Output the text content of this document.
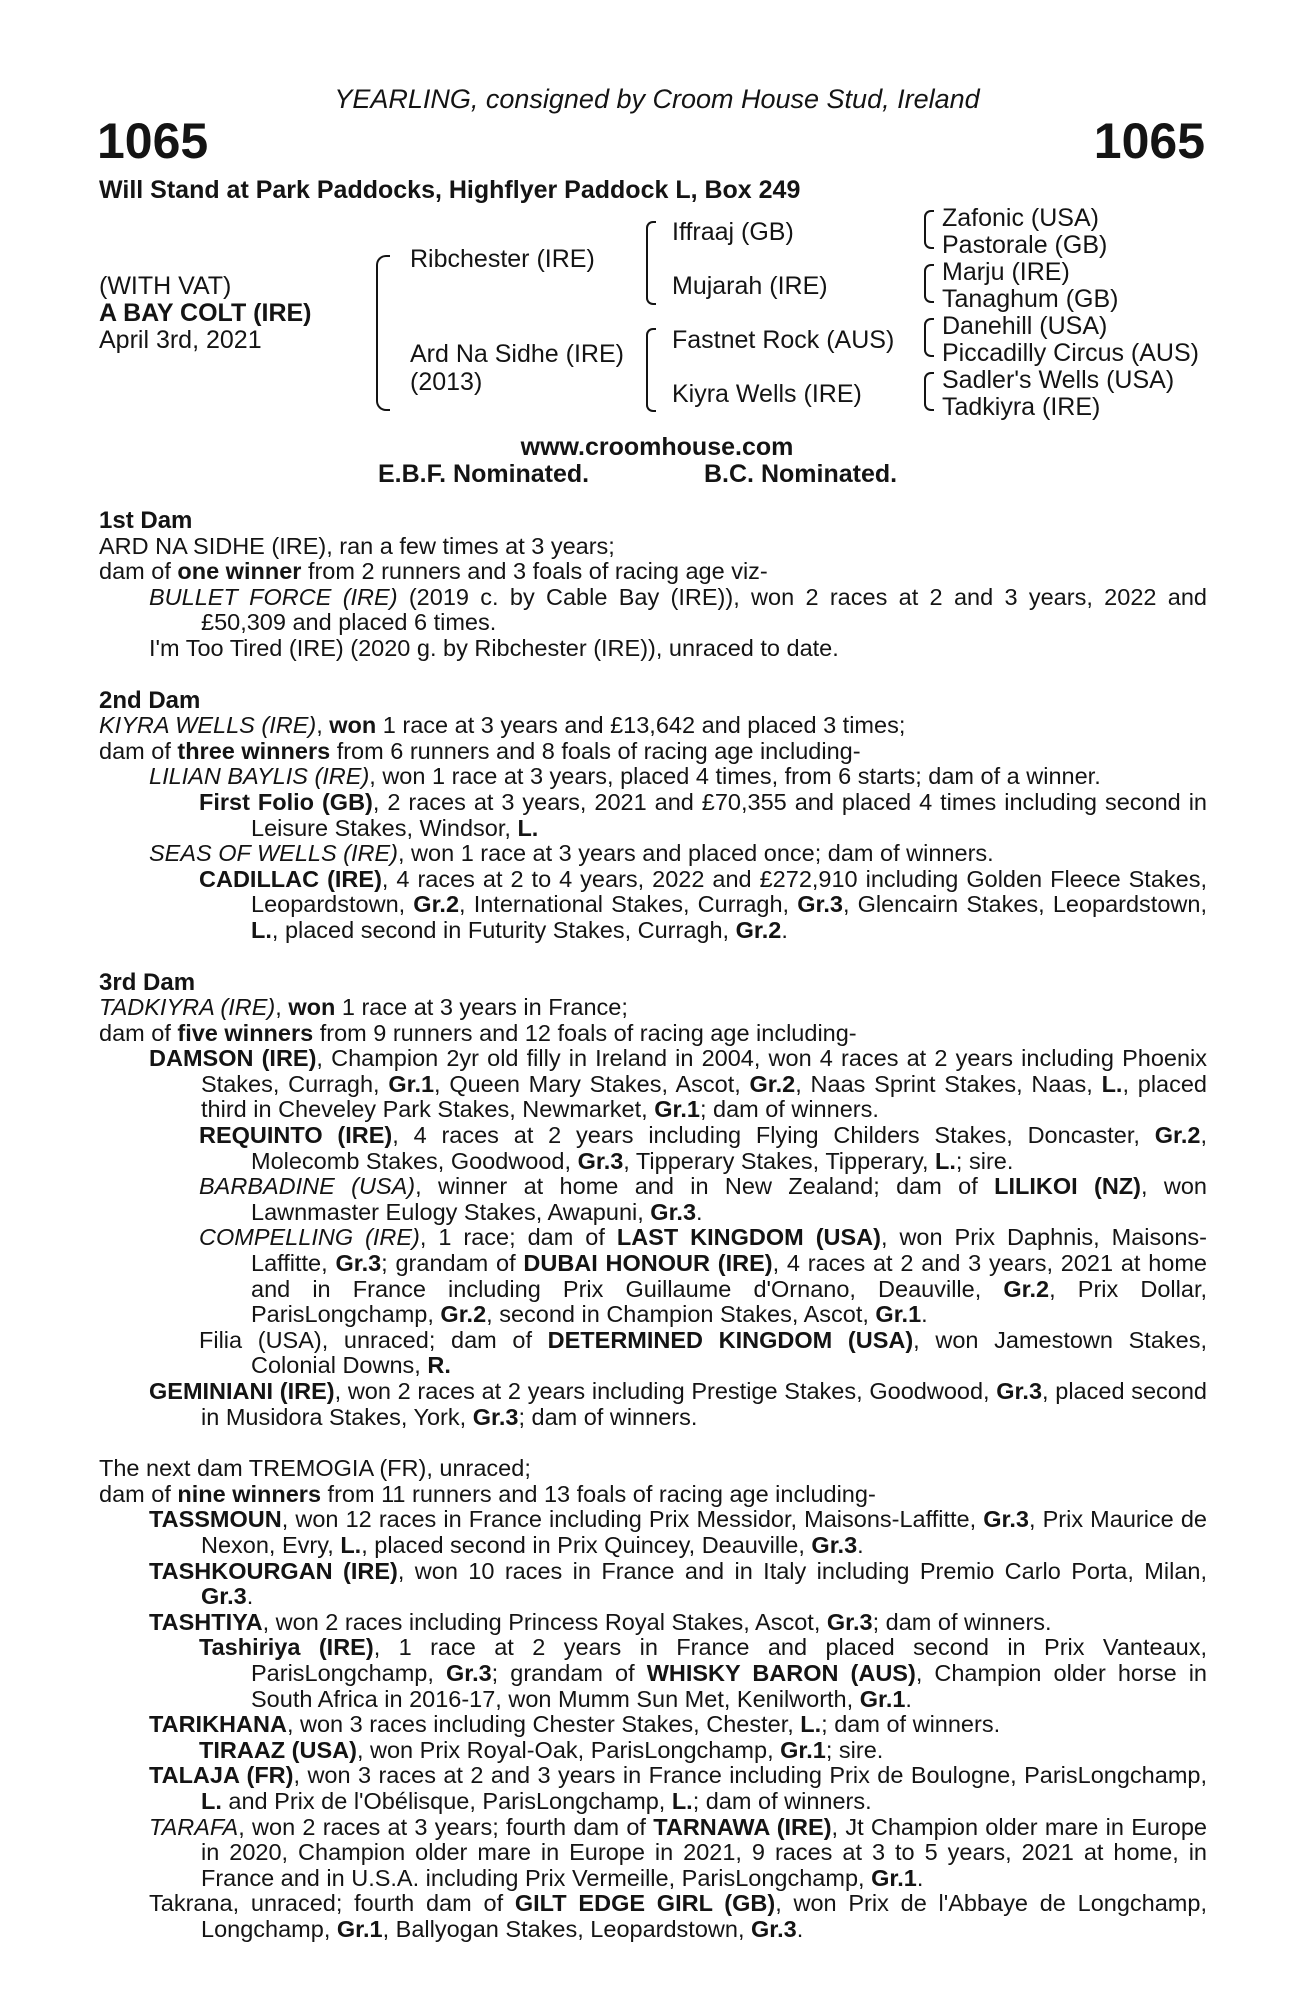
YEARLING, consigned by Croom House Stud, Ireland
1065	1065
Will Stand at Park Paddocks, Highflyer Paddock L, Box 249
(WITH VAT)
A BAY COLT (IRE)
April 3rd, 2021
Ribchester (IRE)
Ard Na Sidhe (IRE)
(2013)
Iffraaj (GB)
Mujarah (IRE)
Fastnet Rock (AUS)
Kiyra Wells (IRE)
Zafonic (USA)
Pastorale (GB)
Marju (IRE)
Tanaghum (GB)
Danehill (USA)
Piccadilly Circus (AUS)
Sadler's Wells (USA)
Tadkiyra (IRE)
www.croomhouse.com
E.B.F. Nominated.	B.C. Nominated.
1st Dam
ARD NA SIDHE (IRE), ran a few times at 3 years;
dam of one winner from 2 runners and 3 foals of racing age viz-
BULLET FORCE (IRE) (2019 c. by Cable Bay (IRE)), won 2 races at 2 and 3 years, 2022 and £50,309 and placed 6 times.
I'm Too Tired (IRE) (2020 g. by Ribchester (IRE)), unraced to date.
2nd Dam
KIYRA WELLS (IRE), won 1 race at 3 years and £13,642 and placed 3 times;
dam of three winners from 6 runners and 8 foals of racing age including-
LILIAN BAYLIS (IRE), won 1 race at 3 years, placed 4 times, from 6 starts; dam of a winner.
First Folio (GB), 2 races at 3 years, 2021 and £70,355 and placed 4 times including second in Leisure Stakes, Windsor, L.
SEAS OF WELLS (IRE), won 1 race at 3 years and placed once; dam of winners.
CADILLAC (IRE), 4 races at 2 to 4 years, 2022 and £272,910 including Golden Fleece Stakes, Leopardstown, Gr.2, International Stakes, Curragh, Gr.3, Glencairn Stakes, Leopardstown, L., placed second in Futurity Stakes, Curragh, Gr.2.
3rd Dam
TADKIYRA (IRE), won 1 race at 3 years in France;
dam of five winners from 9 runners and 12 foals of racing age including-
DAMSON (IRE), Champion 2yr old filly in Ireland in 2004, won 4 races at 2 years including Phoenix Stakes, Curragh, Gr.1, Queen Mary Stakes, Ascot, Gr.2, Naas Sprint Stakes, Naas, L., placed third in Cheveley Park Stakes, Newmarket, Gr.1; dam of winners.
REQUINTO (IRE), 4 races at 2 years including Flying Childers Stakes, Doncaster, Gr.2, Molecomb Stakes, Goodwood, Gr.3, Tipperary Stakes, Tipperary, L.; sire.
BARBADINE (USA), winner at home and in New Zealand; dam of LILIKOI (NZ), won Lawnmaster Eulogy Stakes, Awapuni, Gr.3.
COMPELLING (IRE), 1 race; dam of LAST KINGDOM (USA), won Prix Daphnis, Maisons-Laffitte, Gr.3; grandam of DUBAI HONOUR (IRE), 4 races at 2 and 3 years, 2021 at home and in France including Prix Guillaume d'Ornano, Deauville, Gr.2, Prix Dollar, ParisLongchamp, Gr.2, second in Champion Stakes, Ascot, Gr.1.
Filia (USA), unraced; dam of DETERMINED KINGDOM (USA), won Jamestown Stakes, Colonial Downs, R.
GEMINIANI (IRE), won 2 races at 2 years including Prestige Stakes, Goodwood, Gr.3, placed second in Musidora Stakes, York, Gr.3; dam of winners.
The next dam TREMOGIA (FR), unraced;
dam of nine winners from 11 runners and 13 foals of racing age including-
TASSMOUN, won 12 races in France including Prix Messidor, Maisons-Laffitte, Gr.3, Prix Maurice de Nexon, Evry, L., placed second in Prix Quincey, Deauville, Gr.3.
TASHKOURGAN (IRE), won 10 races in France and in Italy including Premio Carlo Porta, Milan, Gr.3.
TASHTIYA, won 2 races including Princess Royal Stakes, Ascot, Gr.3; dam of winners.
Tashiriya (IRE), 1 race at 2 years in France and placed second in Prix Vanteaux, ParisLongchamp, Gr.3; grandam of WHISKY BARON (AUS), Champion older horse in South Africa in 2016-17, won Mumm Sun Met, Kenilworth, Gr.1.
TARIKHANA, won 3 races including Chester Stakes, Chester, L.; dam of winners.
TIRAAZ (USA), won Prix Royal-Oak, ParisLongchamp, Gr.1; sire.
TALAJA (FR), won 3 races at 2 and 3 years in France including Prix de Boulogne, ParisLongchamp, L. and Prix de l'Obélisque, ParisLongchamp, L.; dam of winners.
TARAFA, won 2 races at 3 years; fourth dam of TARNAWA (IRE), Jt Champion older mare in Europe in 2020, Champion older mare in Europe in 2021, 9 races at 3 to 5 years, 2021 at home, in France and in U.S.A. including Prix Vermeille, ParisLongchamp, Gr.1.
Takrana, unraced; fourth dam of GILT EDGE GIRL (GB), won Prix de l'Abbaye de Longchamp, Longchamp, Gr.1, Ballyogan Stakes, Leopardstown, Gr.3.
